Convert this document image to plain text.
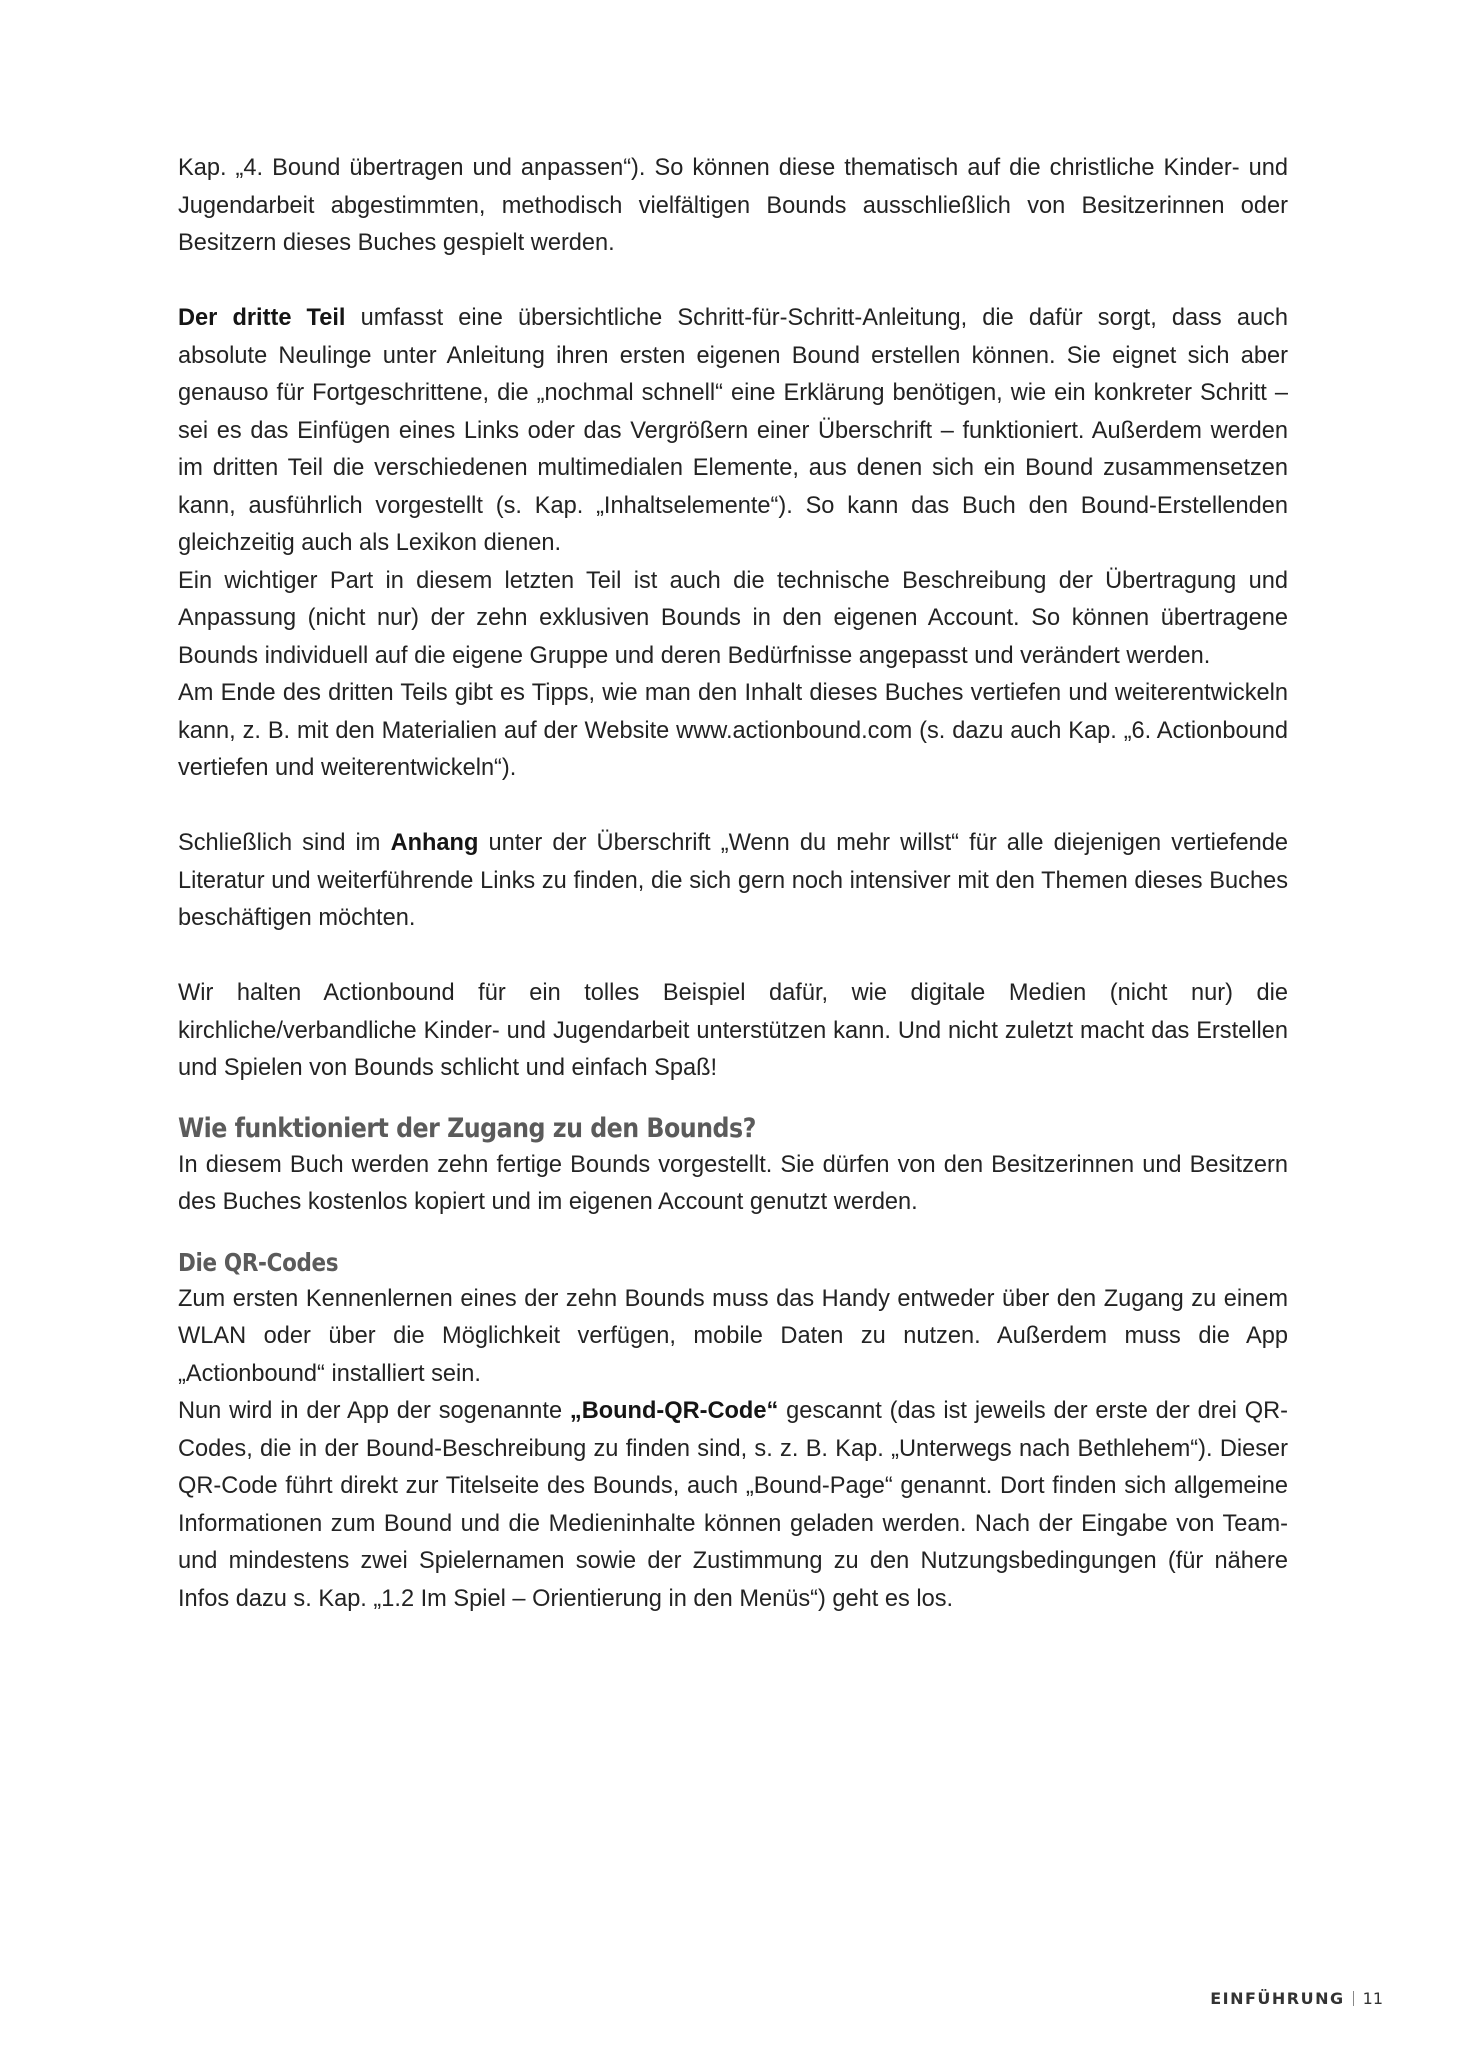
Kap. „4. Bound übertragen und anpassen“). So können diese thematisch auf die christliche Kinder- und Jugendarbeit abgestimmten, methodisch vielfältigen Bounds ausschließlich von Besitzerinnen oder Besitzern dieses Buches gespielt werden.

Der dritte Teil umfasst eine übersichtliche Schritt-für-Schritt-Anleitung, die dafür sorgt, dass auch absolute Neulinge unter Anleitung ihren ersten eigenen Bound erstellen können. Sie eignet sich aber genauso für Fortgeschrittene, die „nochmal schnell“ eine Erklärung benötigen, wie ein konkreter Schritt – sei es das Einfügen eines Links oder das Vergrößern einer Überschrift – funktioniert. Außerdem werden im dritten Teil die verschiedenen multimedialen Elemente, aus denen sich ein Bound zusammensetzen kann, ausführlich vorgestellt (s. Kap. „Inhaltselemente“). So kann das Buch den Bound-Erstellenden gleichzeitig auch als Lexikon dienen.

Ein wichtiger Part in diesem letzten Teil ist auch die technische Beschreibung der Übertragung und Anpassung (nicht nur) der zehn exklusiven Bounds in den eigenen Account. So können übertragene Bounds individuell auf die eigene Gruppe und deren Bedürfnisse angepasst und verändert werden.

Am Ende des dritten Teils gibt es Tipps, wie man den Inhalt dieses Buches vertiefen und weiterentwickeln kann, z. B. mit den Materialien auf der Website www.actionbound.com (s. dazu auch Kap. „6. Actionbound vertiefen und weiterentwickeln“).

Schließlich sind im Anhang unter der Überschrift „Wenn du mehr willst“ für alle diejenigen vertiefende Literatur und weiterführende Links zu finden, die sich gern noch intensiver mit den Themen dieses Buches beschäftigen möchten.

Wir halten Actionbound für ein tolles Beispiel dafür, wie digitale Medien (nicht nur) die kirchliche/verbandliche Kinder- und Jugendarbeit unterstützen kann. Und nicht zuletzt macht das Erstellen und Spielen von Bounds schlicht und einfach Spaß!

Wie funktioniert der Zugang zu den Bounds?

In diesem Buch werden zehn fertige Bounds vorgestellt. Sie dürfen von den Besitzerinnen und Besitzern des Buches kostenlos kopiert und im eigenen Account genutzt werden.

Die QR-Codes

Zum ersten Kennenlernen eines der zehn Bounds muss das Handy entweder über den Zugang zu einem WLAN oder über die Möglichkeit verfügen, mobile Daten zu nutzen. Außerdem muss die App „Actionbound“ installiert sein.

Nun wird in der App der sogenannte „Bound-QR-Code“ gescannt (das ist jeweils der erste der drei QR-Codes, die in der Bound-Beschreibung zu finden sind, s. z. B. Kap. „Unterwegs nach Bethlehem“). Dieser QR-Code führt direkt zur Titelseite des Bounds, auch „Bound-Page“ genannt. Dort finden sich allgemeine Informationen zum Bound und die Medieninhalte können geladen werden. Nach der Eingabe von Team- und mindestens zwei Spielernamen sowie der Zustimmung zu den Nutzungsbedingungen (für nähere Infos dazu s. Kap. „1.2 Im Spiel – Orientierung in den Menüs“) geht es los.

EINFÜHRUNG 11
